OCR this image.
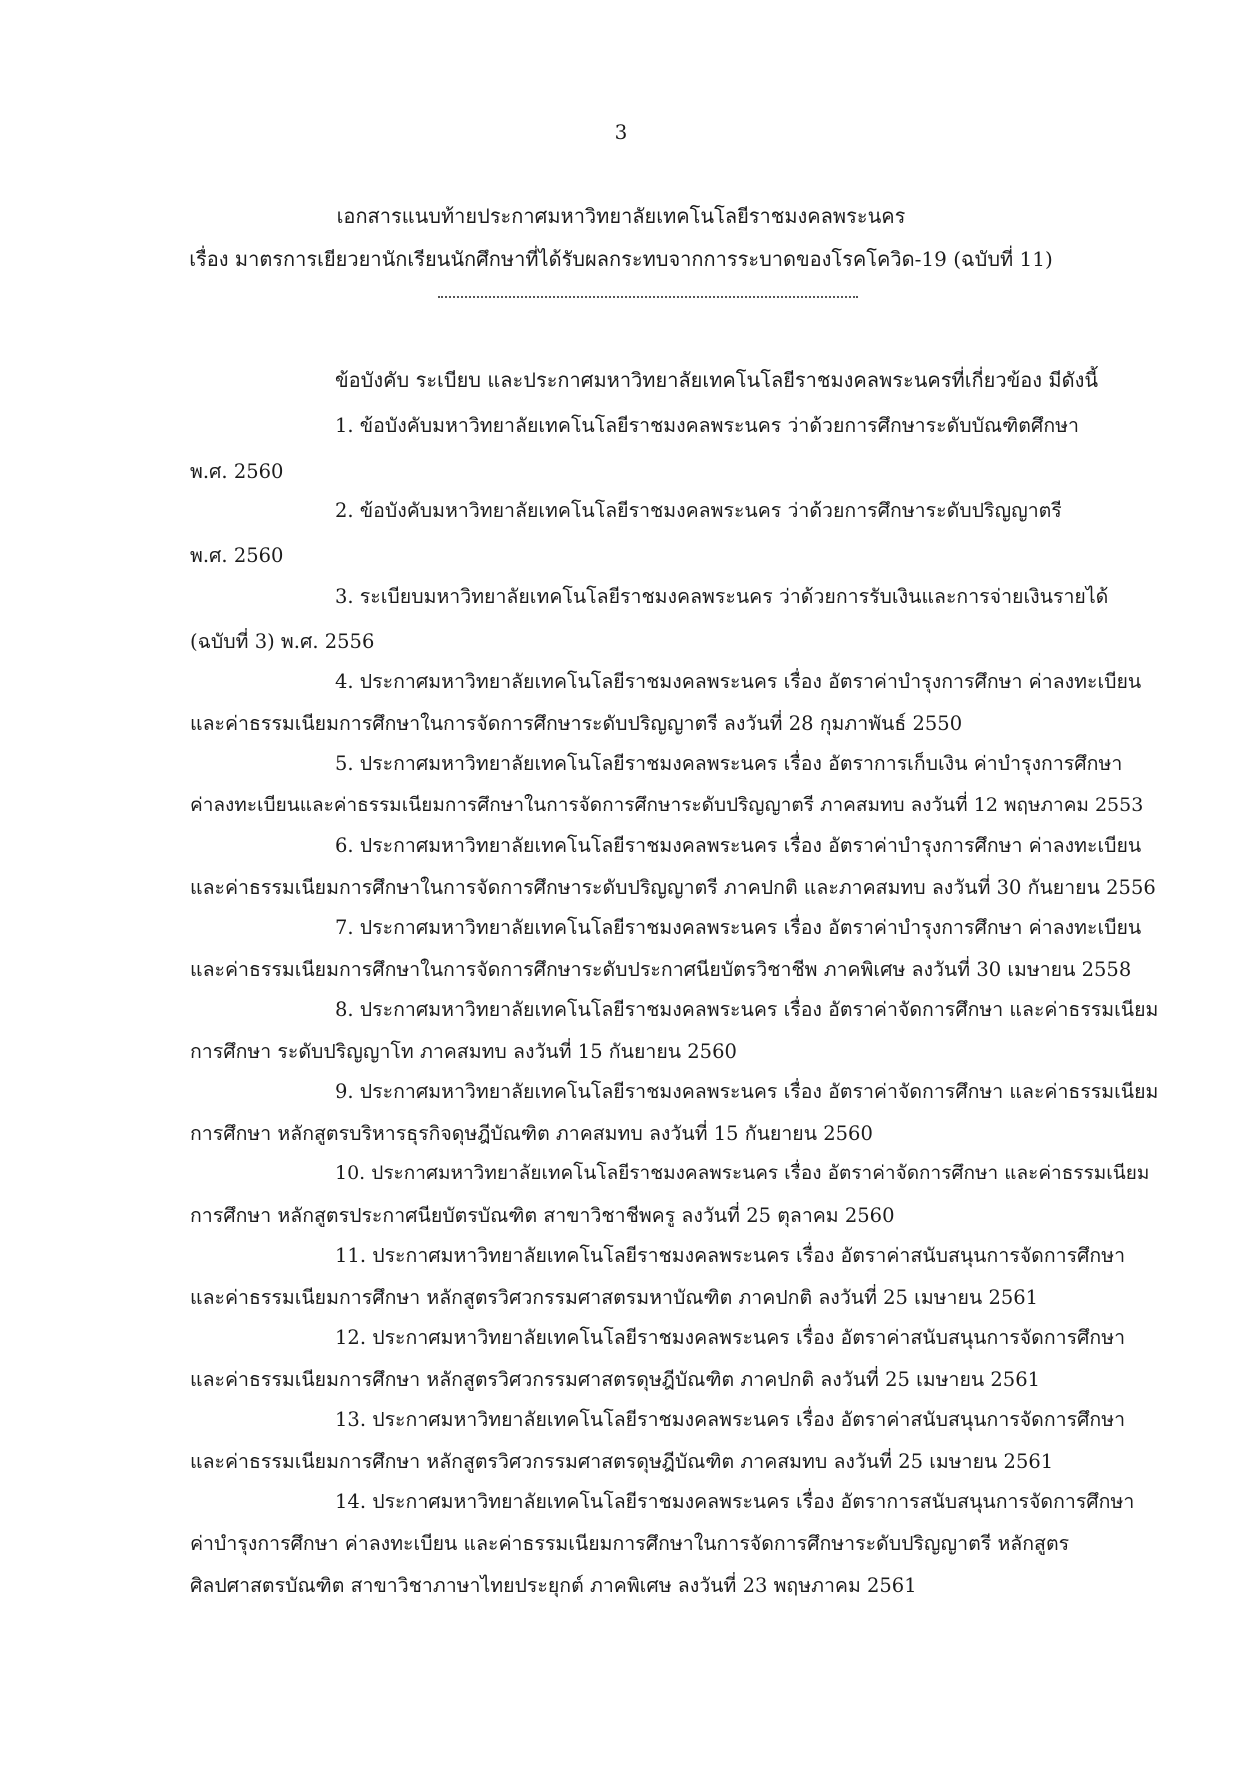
3
เอกสารแนบท้ายประกาศมหาวิทยาลัยเทคโนโลยีราชมงคลพระนคร
เรื่อง มาตรการเยียวยานักเรียนนักศึกษาที่ได้รับผลกระทบจากการระบาดของโรคโควิด-19 (ฉบับที่ 11)
ข้อบังคับ ระเบียบ และประกาศมหาวิทยาลัยเทคโนโลยีราชมงคลพระนครที่เกี่ยวข้อง มีดังนี้
1. ข้อบังคับมหาวิทยาลัยเทคโนโลยีราชมงคลพระนคร ว่าด้วยการศึกษาระดับบัณฑิตศึกษา
พ.ศ. 2560
2. ข้อบังคับมหาวิทยาลัยเทคโนโลยีราชมงคลพระนคร ว่าด้วยการศึกษาระดับปริญญาตรี
พ.ศ. 2560
3. ระเบียบมหาวิทยาลัยเทคโนโลยีราชมงคลพระนคร ว่าด้วยการรับเงินและการจ่ายเงินรายได้
(ฉบับที่ 3) พ.ศ. 2556
4. ประกาศมหาวิทยาลัยเทคโนโลยีราชมงคลพระนคร เรื่อง อัตราค่าบำรุงการศึกษา ค่าลงทะเบียน
และค่าธรรมเนียมการศึกษาในการจัดการศึกษาระดับปริญญาตรี ลงวันที่ 28 กุมภาพันธ์ 2550
5. ประกาศมหาวิทยาลัยเทคโนโลยีราชมงคลพระนคร เรื่อง อัตราการเก็บเงิน ค่าบำรุงการศึกษา
ค่าลงทะเบียนและค่าธรรมเนียมการศึกษาในการจัดการศึกษาระดับปริญญาตรี ภาคสมทบ ลงวันที่ 12 พฤษภาคม 2553
6. ประกาศมหาวิทยาลัยเทคโนโลยีราชมงคลพระนคร เรื่อง อัตราค่าบำรุงการศึกษา ค่าลงทะเบียน
และค่าธรรมเนียมการศึกษาในการจัดการศึกษาระดับปริญญาตรี ภาคปกติ และภาคสมทบ ลงวันที่ 30 กันยายน 2556
7. ประกาศมหาวิทยาลัยเทคโนโลยีราชมงคลพระนคร เรื่อง อัตราค่าบำรุงการศึกษา ค่าลงทะเบียน
และค่าธรรมเนียมการศึกษาในการจัดการศึกษาระดับประกาศนียบัตรวิชาชีพ ภาคพิเศษ ลงวันที่ 30 เมษายน 2558
8. ประกาศมหาวิทยาลัยเทคโนโลยีราชมงคลพระนคร เรื่อง อัตราค่าจัดการศึกษา และค่าธรรมเนียม
การศึกษา ระดับปริญญาโท ภาคสมทบ ลงวันที่ 15 กันยายน 2560
9. ประกาศมหาวิทยาลัยเทคโนโลยีราชมงคลพระนคร เรื่อง อัตราค่าจัดการศึกษา และค่าธรรมเนียม
การศึกษา หลักสูตรบริหารธุรกิจดุษฎีบัณฑิต ภาคสมทบ ลงวันที่ 15 กันยายน 2560
10. ประกาศมหาวิทยาลัยเทคโนโลยีราชมงคลพระนคร เรื่อง อัตราค่าจัดการศึกษา และค่าธรรมเนียม
การศึกษา หลักสูตรประกาศนียบัตรบัณฑิต สาขาวิชาชีพครู ลงวันที่ 25 ตุลาคม 2560
11. ประกาศมหาวิทยาลัยเทคโนโลยีราชมงคลพระนคร เรื่อง อัตราค่าสนับสนุนการจัดการศึกษา
และค่าธรรมเนียมการศึกษา หลักสูตรวิศวกรรมศาสตรมหาบัณฑิต ภาคปกติ ลงวันที่ 25 เมษายน 2561
12. ประกาศมหาวิทยาลัยเทคโนโลยีราชมงคลพระนคร เรื่อง อัตราค่าสนับสนุนการจัดการศึกษา
และค่าธรรมเนียมการศึกษา หลักสูตรวิศวกรรมศาสตรดุษฎีบัณฑิต ภาคปกติ ลงวันที่ 25 เมษายน 2561
13. ประกาศมหาวิทยาลัยเทคโนโลยีราชมงคลพระนคร เรื่อง อัตราค่าสนับสนุนการจัดการศึกษา
และค่าธรรมเนียมการศึกษา หลักสูตรวิศวกรรมศาสตรดุษฎีบัณฑิต ภาคสมทบ ลงวันที่ 25 เมษายน 2561
14. ประกาศมหาวิทยาลัยเทคโนโลยีราชมงคลพระนคร เรื่อง อัตราการสนับสนุนการจัดการศึกษา
ค่าบำรุงการศึกษา ค่าลงทะเบียน และค่าธรรมเนียมการศึกษาในการจัดการศึกษาระดับปริญญาตรี หลักสูตร
ศิลปศาสตรบัณฑิต สาขาวิชาภาษาไทยประยุกต์ ภาคพิเศษ ลงวันที่ 23 พฤษภาคม 2561
